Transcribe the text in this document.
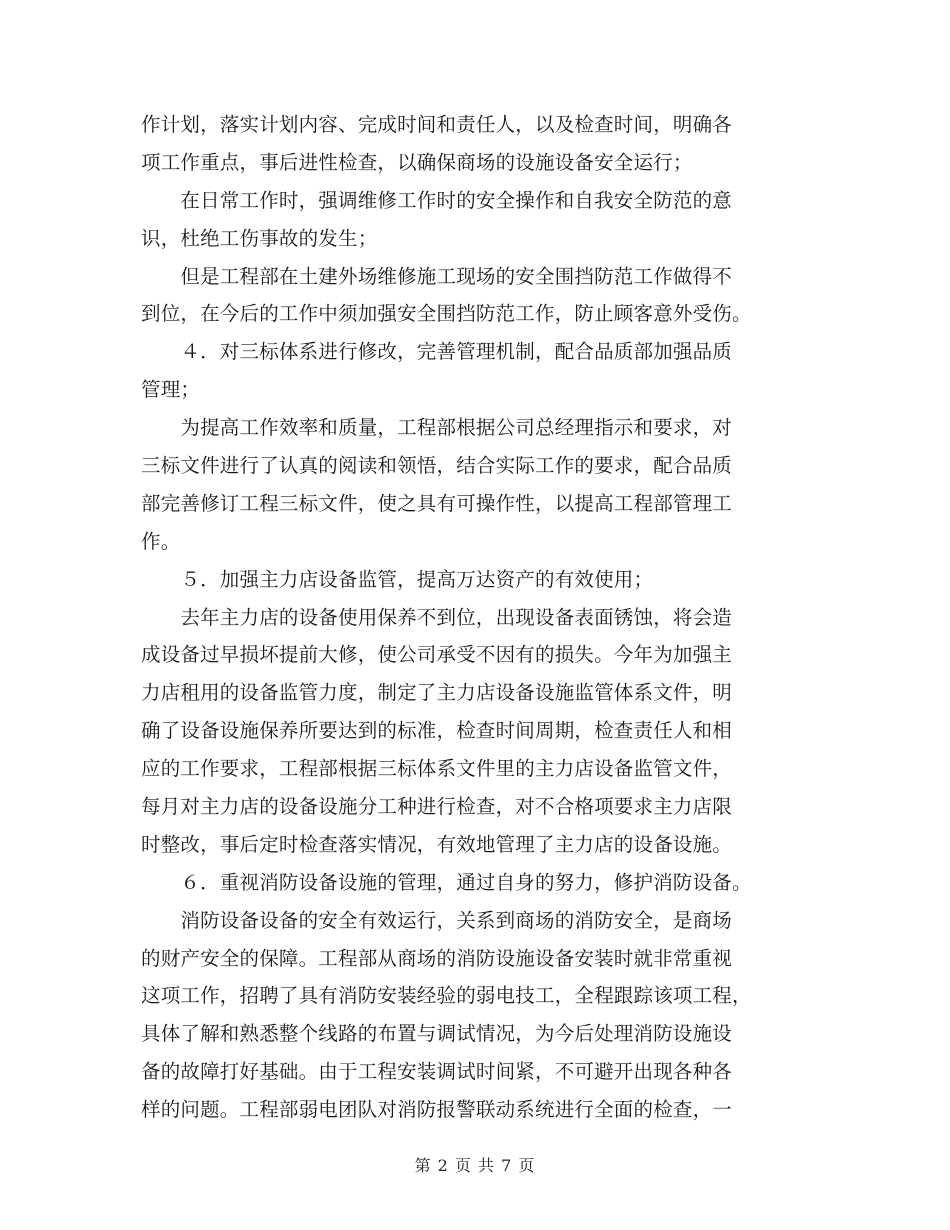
作计划，落实计划内容、完成时间和责任人，以及检查时间，明确各
项工作重点，事后进性检查，以确保商场的设施设备安全运行；
　　在日常工作时，强调维修工作时的安全操作和自我安全防范的意
识，杜绝工伤事故的发生；
　　但是工程部在土建外场维修施工现场的安全围挡防范工作做得不
到位，在今后的工作中须加强安全围挡防范工作，防止顾客意外受伤。
　　４．对三标体系进行修改，完善管理机制，配合品质部加强品质
管理；
　　为提高工作效率和质量，工程部根据公司总经理指示和要求，对
三标文件进行了认真的阅读和领悟，结合实际工作的要求，配合品质
部完善修订工程三标文件，使之具有可操作性，以提高工程部管理工
作。
　　５．加强主力店设备监管，提高万达资产的有效使用；
　　去年主力店的设备使用保养不到位，出现设备表面锈蚀，将会造
成设备过早损坏提前大修，使公司承受不因有的损失。今年为加强主
力店租用的设备监管力度，制定了主力店设备设施监管体系文件，明
确了设备设施保养所要达到的标准，检查时间周期，检查责任人和相
应的工作要求，工程部根据三标体系文件里的主力店设备监管文件，
每月对主力店的设备设施分工种进行检查，对不合格项要求主力店限
时整改，事后定时检查落实情况，有效地管理了主力店的设备设施。
　　６．重视消防设备设施的管理，通过自身的努力，修护消防设备。
　　消防设备设备的安全有效运行，关系到商场的消防安全，是商场
的财产安全的保障。工程部从商场的消防设施设备安装时就非常重视
这项工作，招聘了具有消防安装经验的弱电技工，全程跟踪该项工程，
具体了解和熟悉整个线路的布置与调试情况，为今后处理消防设施设
备的故障打好基础。由于工程安装调试时间紧，不可避开出现各种各
样的问题。工程部弱电团队对消防报警联动系统进行全面的检查，一
第 2 页 共 7 页
